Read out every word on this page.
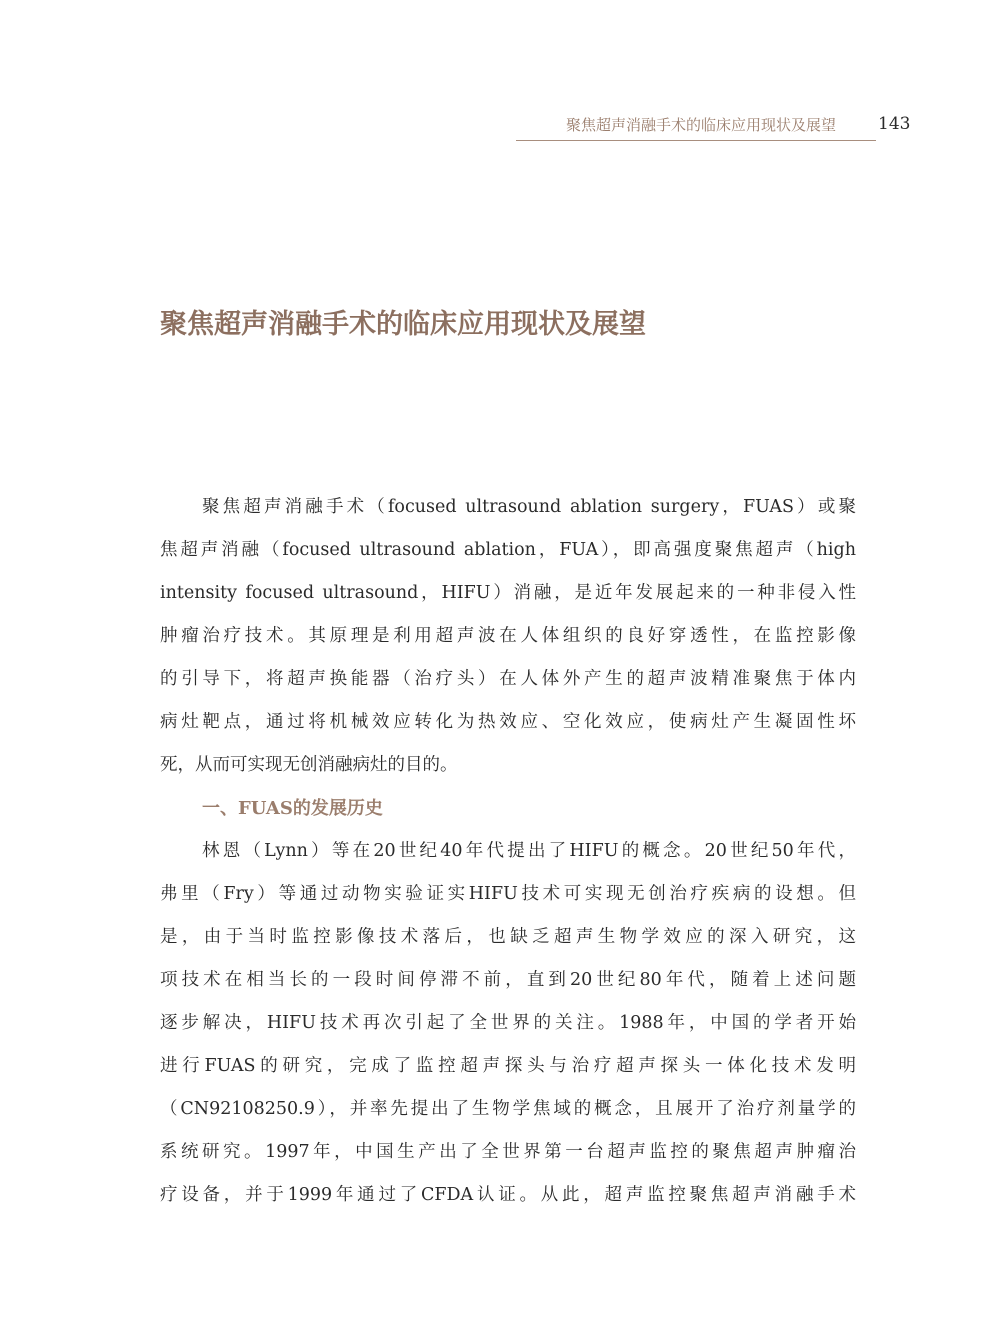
聚焦超声消融手术的临床应用现状及展望 143
聚焦超声消融手术的临床应用现状及展望

聚焦超声消融手术（focused ultrasound ablation surgery，FUAS）或聚
焦超声消融（focused ultrasound ablation，FUA），即高强度聚焦超声（high
intensity focused ultrasound，HIFU）消融，是近年发展起来的一种非侵入性
肿瘤治疗技术。其原理是利用超声波在人体组织的良好穿透性，在监控影像
的引导下，将超声换能器（治疗头）在人体外产生的超声波精准聚焦于体内
病灶靶点，通过将机械效应转化为热效应、空化效应，使病灶产生凝固性坏
死，从而可实现无创消融病灶的目的。

一、FUAS的发展历史

林恩（Lynn）等在20世纪40年代提出了HIFU的概念。20世纪50年代，
弗里（Fry）等通过动物实验证实HIFU技术可实现无创治疗疾病的设想。但
是，由于当时监控影像技术落后，也缺乏超声生物学效应的深入研究，这
项技术在相当长的一段时间停滞不前，直到20世纪80年代，随着上述问题
逐步解决，HIFU技术再次引起了全世界的关注。1988年，中国的学者开始
进行FUAS的研究，完成了监控超声探头与治疗超声探头一体化技术发明
（CN92108250.9），并率先提出了生物学焦域的概念，且展开了治疗剂量学的
系统研究。1997年，中国生产出了全世界第一台超声监控的聚焦超声肿瘤治
疗设备，并于1999年通过了CFDA认证。从此，超声监控聚焦超声消融手术
